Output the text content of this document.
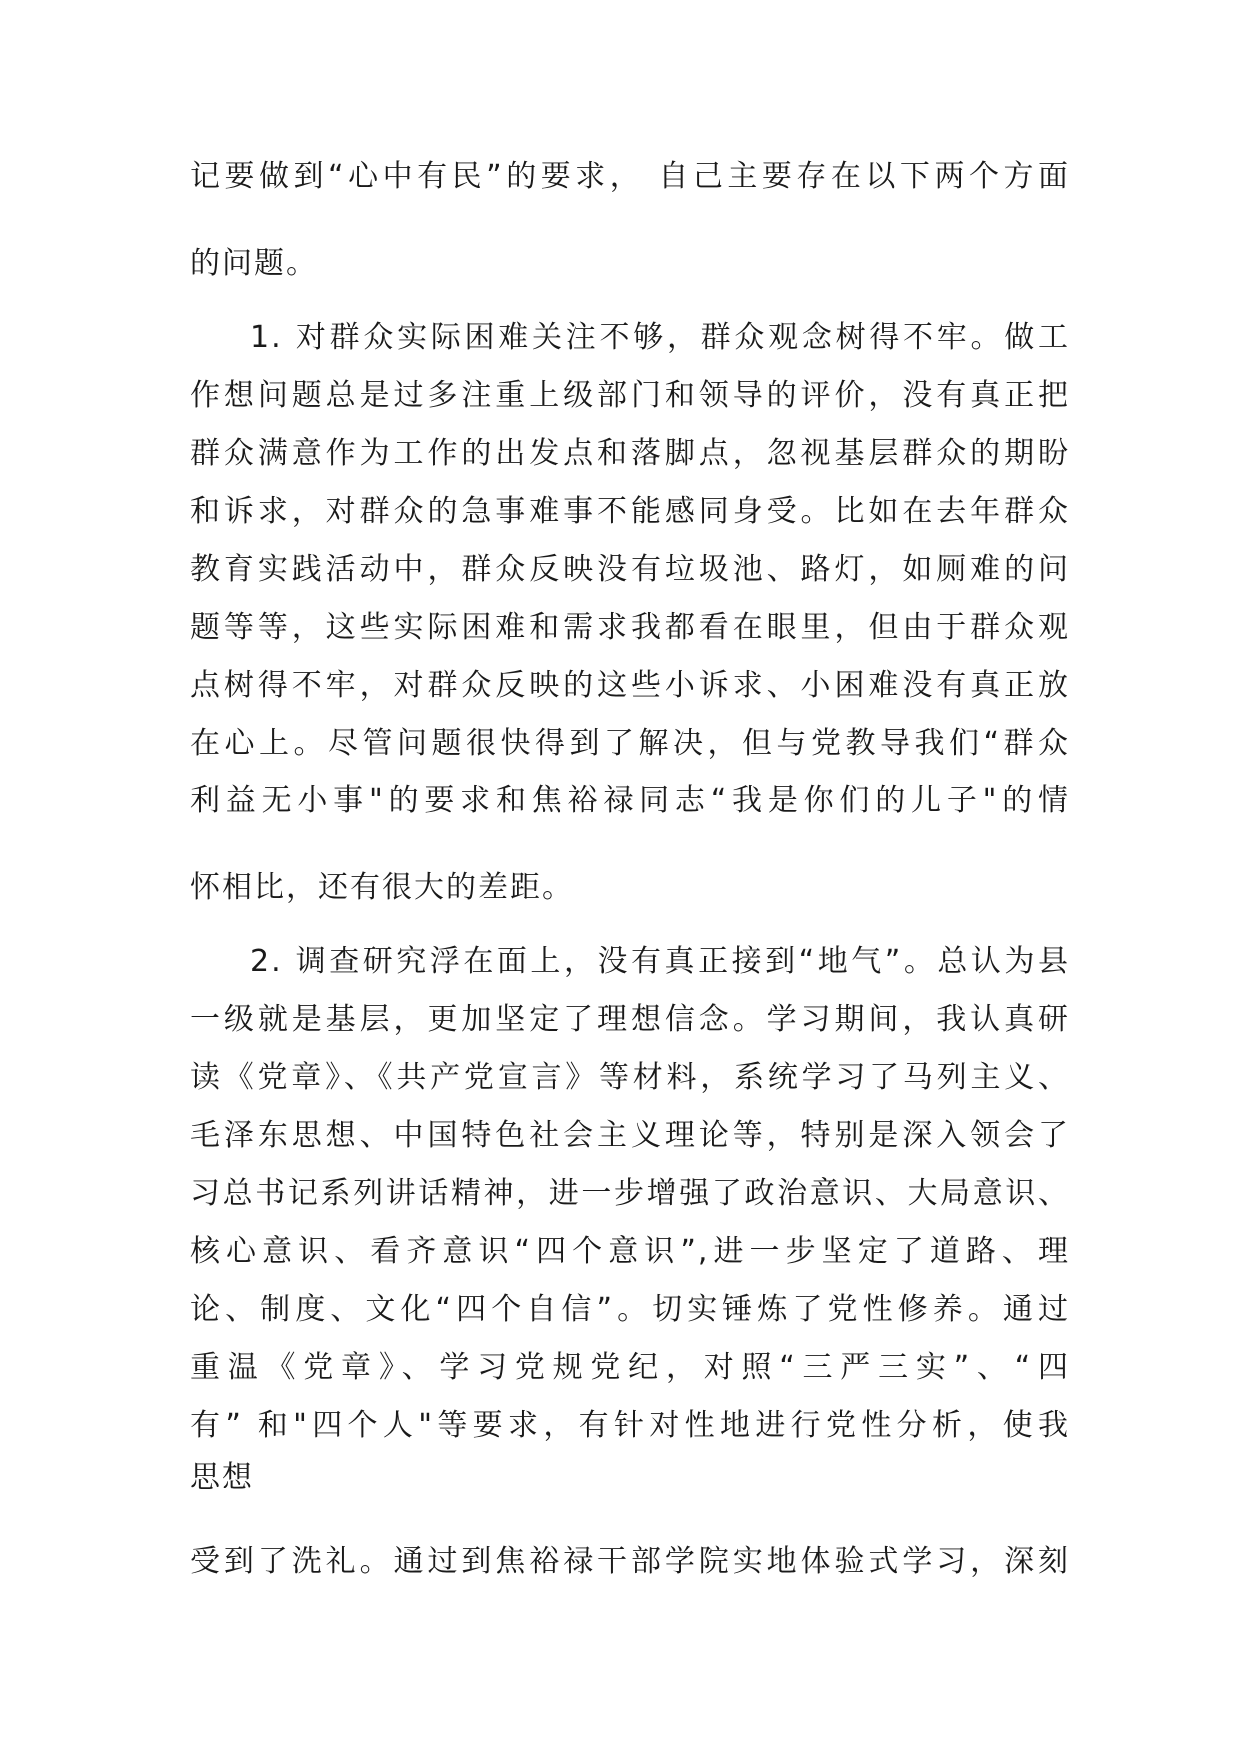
记要做到“心中有民”的要求， 自己主要存在以下两个方面
的问题。
1. 对群众实际困难关注不够，群众观念树得不牢。做工
作想问题总是过多注重上级部门和领导的评价，没有真正把
群众满意作为工作的出发点和落脚点，忽视基层群众的期盼
和诉求，对群众的急事难事不能感同身受。比如在去年群众
教育实践活动中，群众反映没有垃圾池、路灯，如厕难的问
题等等，这些实际困难和需求我都看在眼里，但由于群众观
点树得不牢，对群众反映的这些小诉求、小困难没有真正放
在心上。尽管问题很快得到了解决，但与党教导我们“群众
利益无小事"的要求和焦裕禄同志“我是你们的儿子"的情
怀相比，还有很大的差距。
2. 调查研究浮在面上，没有真正接到“地气”。总认为县
一级就是基层，更加坚定了理想信念。学习期间，我认真研
读《党章》、《共产党宣言》等材料，系统学习了马列主义、
毛泽东思想、中国特色社会主义理论等，特别是深入领会了
习总书记系列讲话精神，进一步增强了政治意识、大局意识、
核心意识、看齐意识“四个意识”,进一步坚定了道路、理
论、制度、文化“四个自信”。切实锤炼了党性修养。通过
重温《党章》、学习党规党纪，对照“三严三实”、“四
有” 和"四个人"等要求，有针对性地进行党性分析，使我
思想
受到了洗礼。通过到焦裕禄干部学院实地体验式学习，深刻
